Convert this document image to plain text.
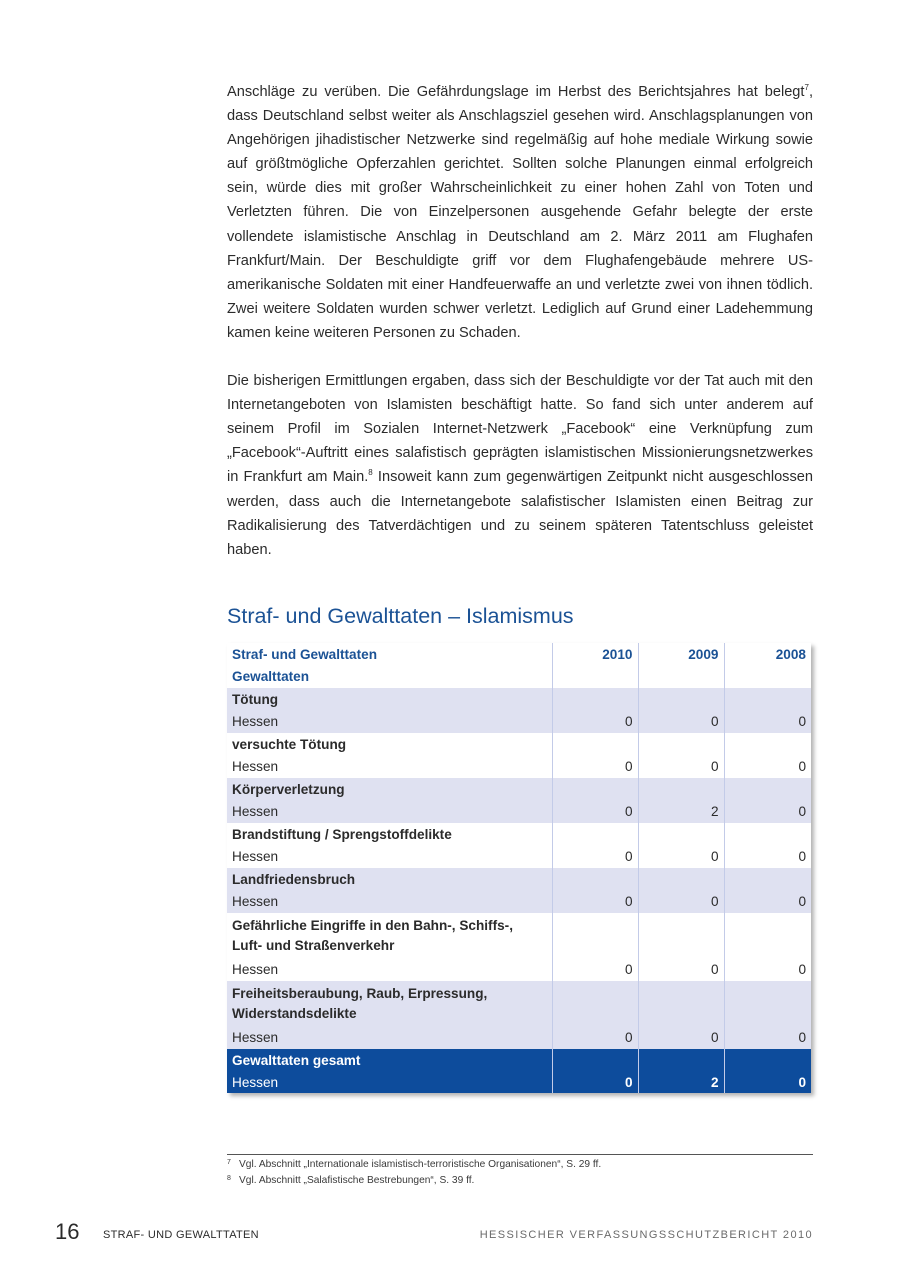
Anschläge zu verüben. Die Gefährdungslage im Herbst des Berichtsjahres hat belegt$^7$, dass Deutschland selbst weiter als Anschlagsziel gesehen wird. Anschlagsplanungen von Angehörigen jihadistischer Netzwerke sind regelmäßig auf hohe mediale Wirkung sowie auf größtmögliche Opferzahlen gerichtet. Sollten solche Planungen einmal erfolgreich sein, würde dies mit großer Wahrscheinlichkeit zu einer hohen Zahl von Toten und Verletzten führen. Die von Einzelpersonen ausgehende Gefahr belegte der erste vollendete islamistische Anschlag in Deutschland am 2. März 2011 am Flughafen Frankfurt/Main. Der Beschuldigte griff vor dem Flughafengebäude mehrere US-amerikanische Soldaten mit einer Handfeuerwaffe an und verletzte zwei von ihnen tödlich. Zwei weitere Soldaten wurden schwer verletzt. Lediglich auf Grund einer Ladehemmung kamen keine weiteren Personen zu Schaden.

Die bisherigen Ermittlungen ergaben, dass sich der Beschuldigte vor der Tat auch mit den Internetangeboten von Islamisten beschäftigt hatte. So fand sich unter anderem auf seinem Profil im Sozialen Internet-Netzwerk „Facebook“ eine Verknüpfung zum „Facebook“-Auftritt eines salafistisch geprägten islamistischen Missionierungsnetzwerkes in Frankfurt am Main.$^8$ Insoweit kann zum gegenwärtigen Zeitpunkt nicht ausgeschlossen werden, dass auch die Internetangebote salafistischer Islamisten einen Beitrag zur Radikalisierung des Tatverdächtigen und zu seinem späteren Tatentschluss geleistet haben.

Straf- und Gewalttaten – Islamismus
Straf- und Gewalttaten	2010	2009	2008
Gewalttaten			
Tötung			
Hessen	0	0	0
versuchte Tötung			
Hessen	0	0	0
Körperverletzung			
Hessen	0	2	0
Brandstiftung / Sprengstoffdelikte			
Hessen	0	0	0
Landfriedensbruch			
Hessen	0	0	0
Gefährliche Eingriffe in den Bahn-, Schiffs-,
Luft- und Straßenverkehr			
Hessen	0	0	0
Freiheitsberaubung, Raub, Erpressung,
Widerstandsdelikte			
Hessen	0	0	0
Gewalttaten gesamt			
Hessen	0	2	0
7 Vgl. Abschnitt „Internationale islamistisch-terroristische Organisationen“, S. 29 ff.
8 Vgl. Abschnitt „Salafistische Bestrebungen“, S. 39 ff.
16 STRAF- UND GEWALTTATEN	HESSISCHER VERFASSUNGSSCHUTZBERICHT 2010
